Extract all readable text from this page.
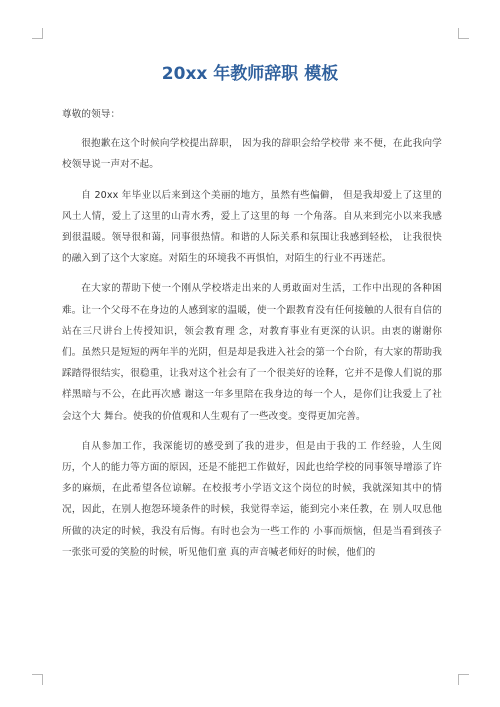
20xx 年教师辞职 模板

尊敬的领导：

很抱歉在这个时候向学校提出辞职， 因为我的辞职会给学校带 来不便，在此我向学校领导说一声对不起。

自 20xx 年毕业以后来到这个美丽的地方，虽然有些偏僻， 但是我却爱上了这里的风土人情，爱上了这里的山青水秀，爱上了这里的每 一个角落。自从来到完小以来我感到很温暖。领导很和蔼，同事很热情。和谐的人际关系和氛围让我感到轻松， 让我很快的融入到了这个大家庭。对陌生的环境我不再惧怕，对陌生的行业不再迷茫。

在大家的帮助下使一个刚从学校塔走出来的人勇敢面对生活，工作中出现的各种困难。让一个父母不在身边的人感到家的温暖，使一个跟教育没有任何接触的人很有自信的站在三尺讲台上传授知识，领会教育理 念，对教育事业有更深的认识。由衷的谢谢你们。虽然只是短短的两年半的光阴，但是却是我进入社会的第一个台阶，有大家的帮助我踩踏得很结实，很稳重，让我对这个社会有了一个很美好的诠释，它并不是像人们说的那样黑暗与不公，在此再次感 谢这一年多里陪在我身边的每一个人，是你们让我爱上了社会这个大 舞台。使我的价值观和人生观有了一些改变。变得更加完善。

自从参加工作，我深能切的感受到了我的进步，但是由于我的工 作经验，人生阅历，个人的能力等方面的原因，还是不能把工作做好，因此也给学校的同事领导增添了许多的麻烦，在此希望各位谅解。在校报考小学语文这个岗位的时候，我就深知其中的情况，因此，在别人抱怨环境条件的时候，我觉得幸运，能到完小来任教，在 别人叹息他所做的决定的时候，我没有后悔。有时也会为一些工作的 小事而烦恼，但是当看到孩子一张张可爱的笑脸的时候，听见他们童 真的声音喊老师好的时候，他们的
